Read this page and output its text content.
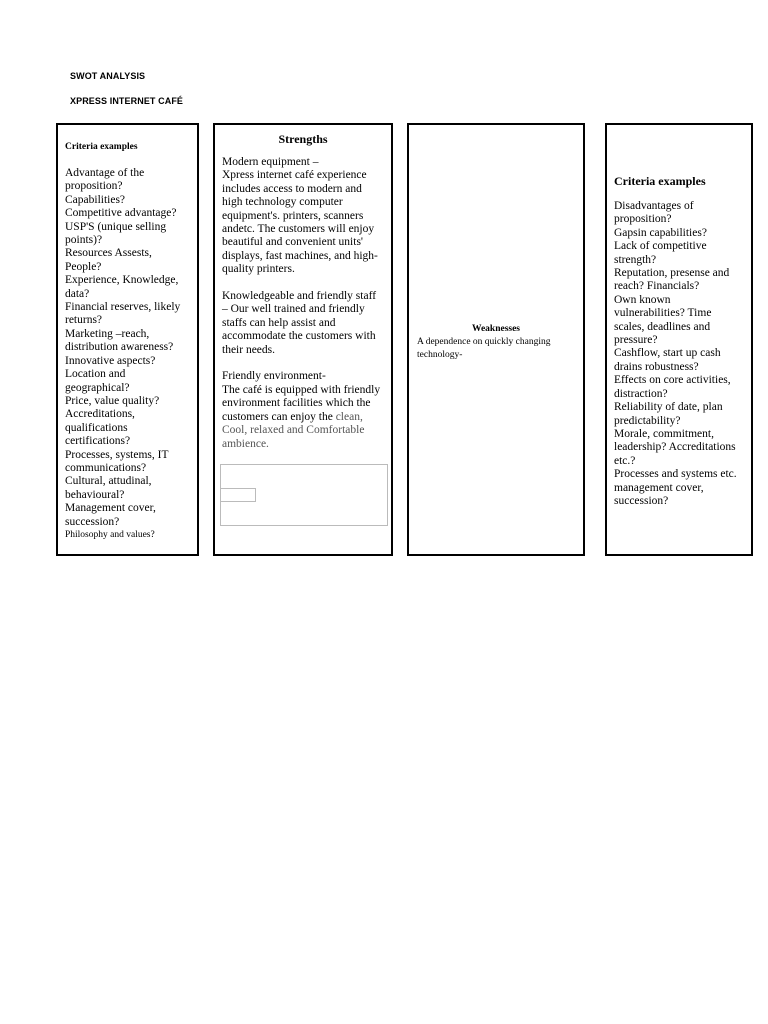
SWOT ANALYSIS
XPRESS INTERNET CAFÉ
Criteria examples
Advantage of the
proposition?
Capabilities?
Competitive advantage?
USP'S (unique selling
points)?
Resources Assests,
People?
Experience, Knowledge,
data?
Financial reserves, likely
returns?
Marketing –reach,
distribution awareness?
Innovative aspects?
Location and
geographical?
Price, value quality?
Accreditations,
qualifications
certifications?
Processes, systems, IT
communications?
Cultural, attudinal,
behavioural?
Management cover,
succession?
Philosophy and values?
Strengths
Modern equipment –
Xpress internet café experience
includes access to modern and
high technology computer
equipment's. printers, scanners
andetc. The customers will enjoy
beautiful and convenient units'
displays, fast machines, and high-
quality printers.
Knowledgeable and friendly staff
– Our well trained and friendly
staffs can help assist and
accommodate the customers with
their needs.
Friendly environment-
The café is equipped with friendly
environment facilities which the
customers can enjoy the clean,
Cool, relaxed and Comfortable
ambience.
Weaknesses
A dependence on quickly changing
technology-
Criteria examples
Disadvantages of
proposition?
Gapsin capabilities?
Lack of competitive
strength?
Reputation, presense and
reach? Financials?
Own known
vulnerabilities? Time
scales, deadlines and
pressure?
Cashflow, start up cash
drains robustness?
Effects on core activities,
distraction?
Reliability of date, plan
predictability?
Morale, commitment,
leadership? Accreditations
etc.?
Processes and systems etc.
management cover,
succession?
